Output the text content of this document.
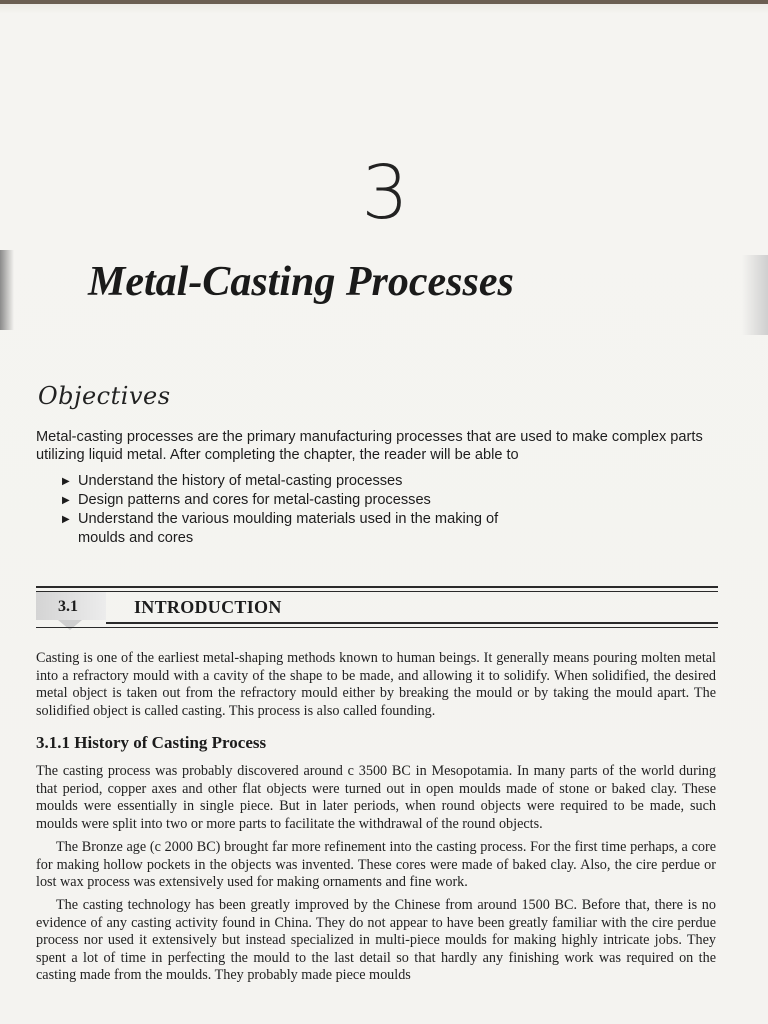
3
Metal-Casting Processes
Objectives
Metal-casting processes are the primary manufacturing processes that are used to make complex parts utilizing liquid metal. After completing the chapter, the reader will be able to
▶ Understand the history of metal-casting processes
▶ Design patterns and cores for metal-casting processes
▶ Understand the various moulding materials used in the making of moulds and cores
3.1	INTRODUCTION

Casting is one of the earliest metal-shaping methods known to human beings. It generally means pouring molten metal into a refractory mould with a cavity of the shape to be made, and allowing it to solidify. When solidified, the desired metal object is taken out from the refractory mould either by breaking the mould or by taking the mould apart. The solidified object is called casting. This process is also called founding.

3.1.1 History of Casting Process

The casting process was probably discovered around c 3500 BC in Mesopotamia. In many parts of the world during that period, copper axes and other flat objects were turned out in open moulds made of stone or baked clay. These moulds were essentially in single piece. But in later periods, when round objects were required to be made, such moulds were split into two or more parts to facilitate the withdrawal of the round objects.

The Bronze age (c 2000 BC) brought far more refinement into the casting process. For the first time perhaps, a core for making hollow pockets in the objects was invented. These cores were made of baked clay. Also, the cire perdue or lost wax process was extensively used for making ornaments and fine work.

The casting technology has been greatly improved by the Chinese from around 1500 BC. Before that, there is no evidence of any casting activity found in China. They do not appear to have been greatly familiar with the cire perdue process nor used it extensively but instead specialized in multi-piece moulds for making highly intricate jobs. They spent a lot of time in perfecting the mould to the last detail so that hardly any finishing work was required on the casting made from the moulds. They probably made piece moulds
